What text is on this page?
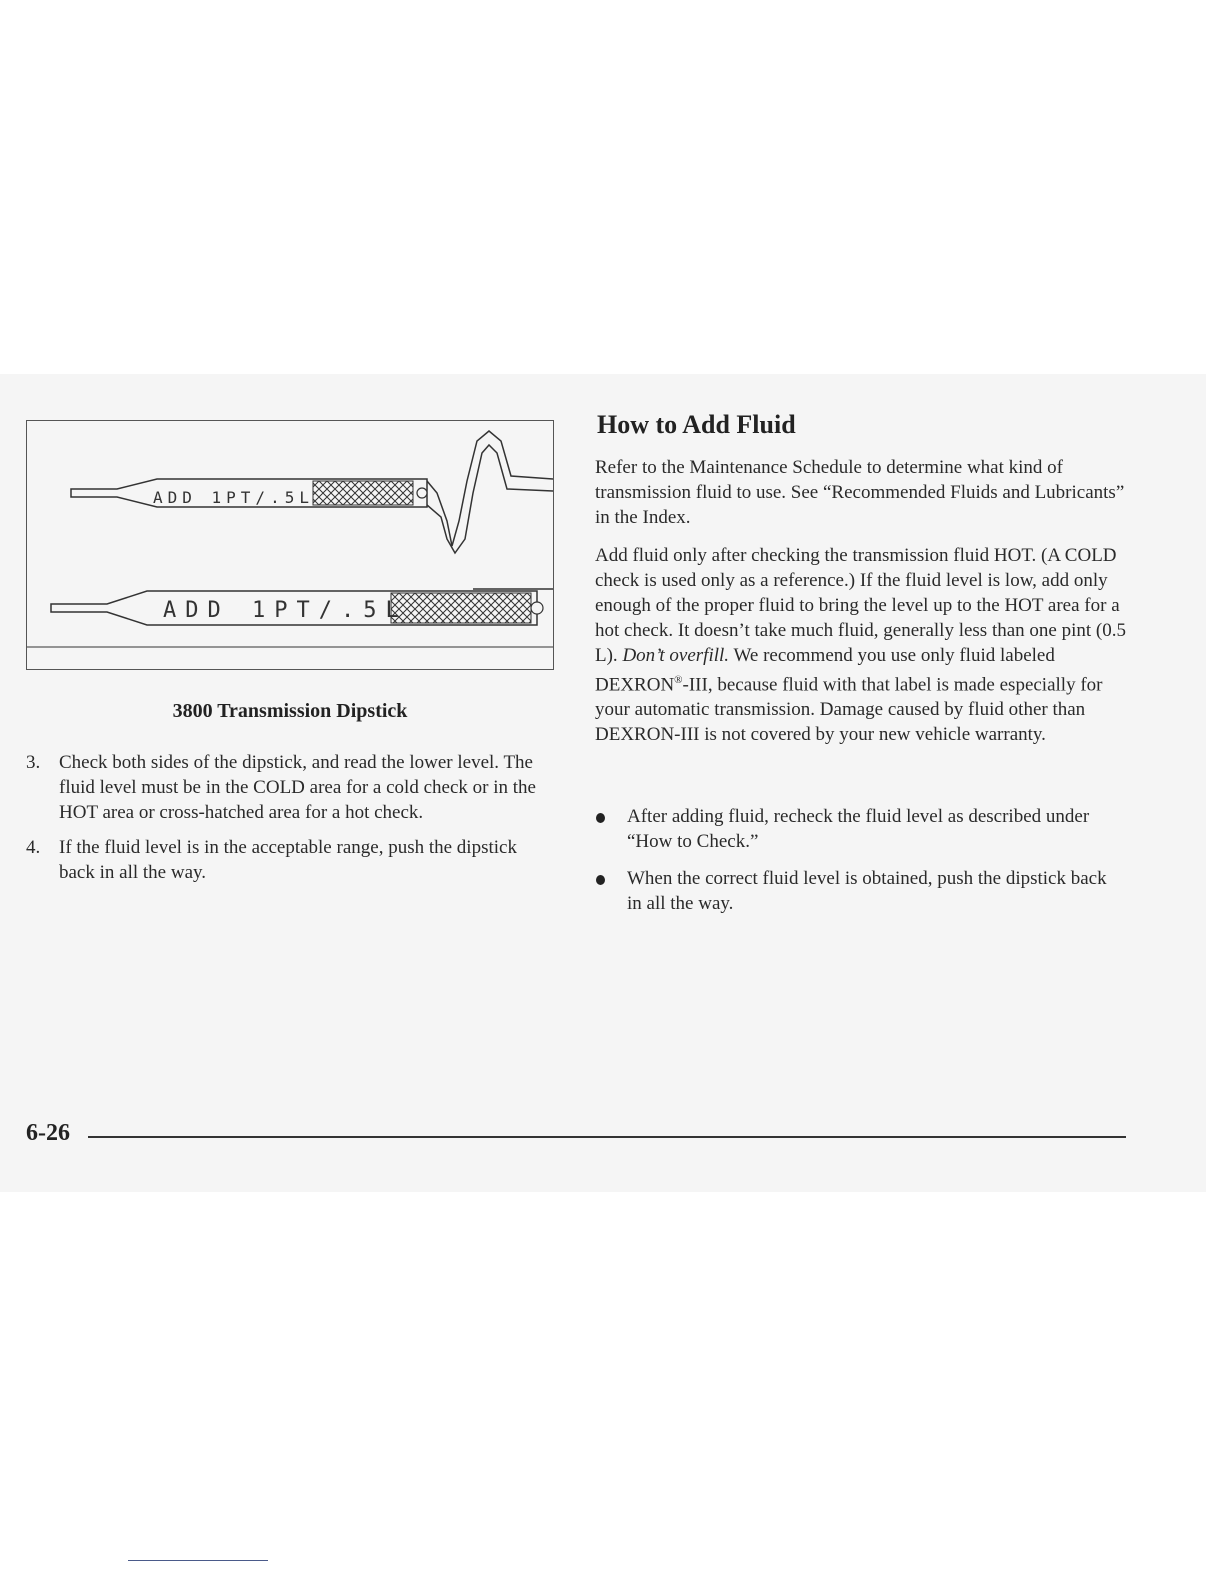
ADD 1PT/.5L
ADD 1PT/.5L
3800 Transmission Dipstick
3. Check both sides of the dipstick, and read the lower level. The fluid level must be in the COLD area for a cold check or in the HOT area or cross-hatched area for a hot check.
4. If the fluid level is in the acceptable range, push the dipstick back in all the way.
How to Add Fluid

Refer to the Maintenance Schedule to determine what kind of transmission fluid to use. See “Recommended Fluids and Lubricants” in the Index.

Add fluid only after checking the transmission fluid HOT. (A COLD check is used only as a reference.) If the fluid level is low, add only enough of the proper fluid to bring the level up to the HOT area for a hot check. It doesn’t take much fluid, generally less than one pint (0.5 L). Don’t overfill. We recommend you use only fluid labeled DEXRON®-III, because fluid with that label is made especially for your automatic transmission. Damage caused by fluid other than DEXRON-III is not covered by your new vehicle warranty.

After adding fluid, recheck the fluid level as described under “How to Check.”
When the correct fluid level is obtained, push the dipstick back in all the way.
6-26
